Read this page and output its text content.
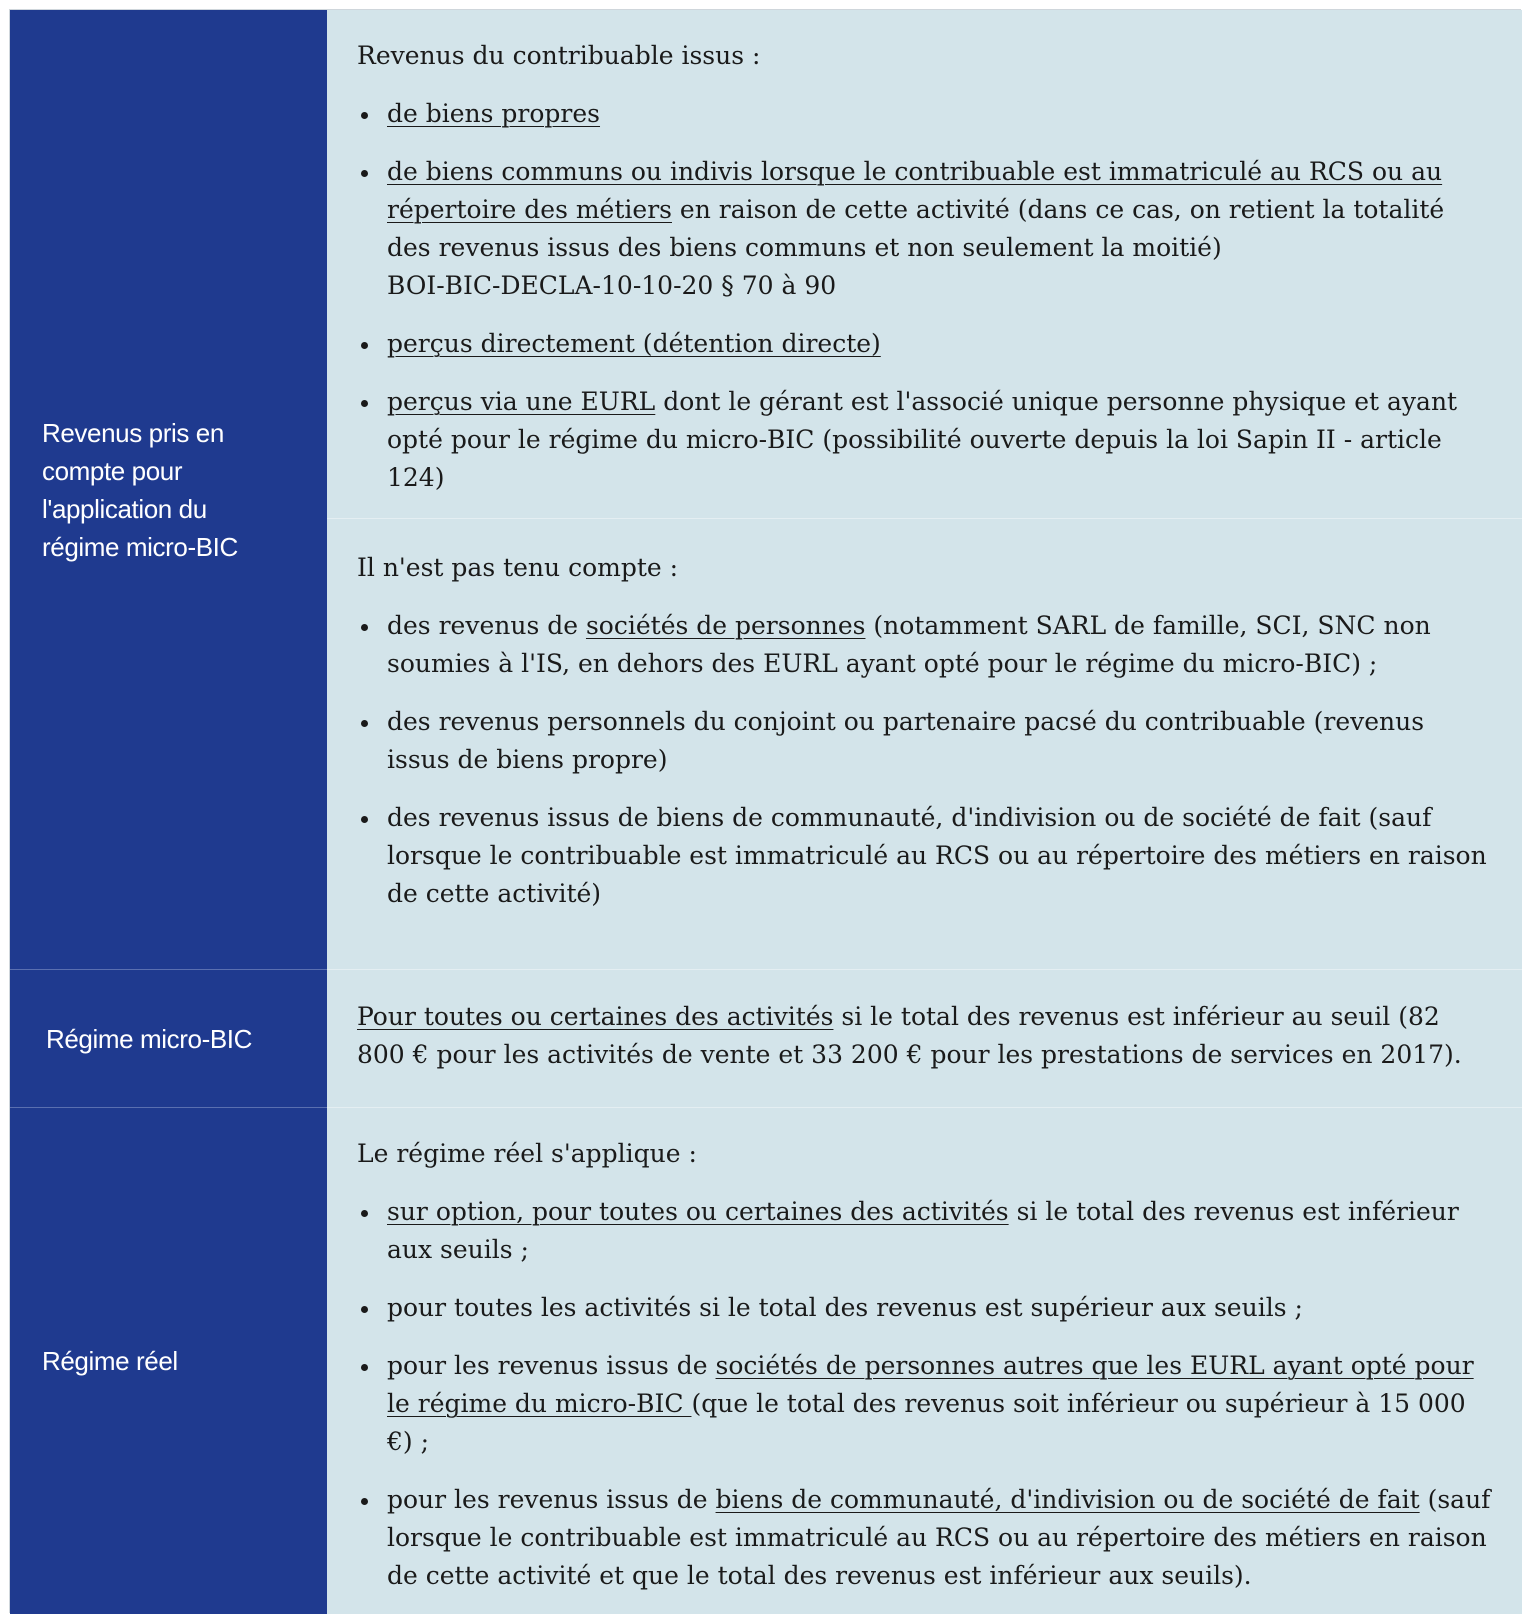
Revenus pris en compte pour l'application du régime micro-BIC

Revenus du contribuable issus :

de biens propres
de biens communs ou indivis lorsque le contribuable est immatriculé au RCS ou au répertoire des métiers en raison de cette activité (dans ce cas, on retient la totalité des revenus issus des biens communs et non seulement la moitié)
BOI-BIC-DECLA-10-10-20 § 70 à 90
perçus directement (détention directe)
perçus via une EURL dont le gérant est l'associé unique personne physique et ayant opté pour le régime du micro-BIC (possibilité ouverte depuis la loi Sapin II - article 124)

Il n'est pas tenu compte :

des revenus de sociétés de personnes (notamment SARL de famille, SCI, SNC non soumies à l'IS, en dehors des EURL ayant opté pour le régime du micro-BIC) ;
des revenus personnels du conjoint ou partenaire pacsé du contribuable (revenus issus de biens propre)
des revenus issus de biens de communauté, d'indivision ou de société de fait (sauf lorsque le contribuable est immatriculé au RCS ou au répertoire des métiers en raison de cette activité)
Régime micro-BIC

Pour toutes ou certaines des activités si le total des revenus est inférieur au seuil (82 800 € pour les activités de vente et 33 200 € pour les prestations de services en 2017).

Régime réel

Le régime réel s'applique :

sur option, pour toutes ou certaines des activités si le total des revenus est inférieur aux seuils ;
pour toutes les activités si le total des revenus est supérieur aux seuils ;
pour les revenus issus de sociétés de personnes autres que les EURL ayant opté pour le régime du micro-BIC (que le total des revenus soit inférieur ou supérieur à 15 000 €) ;
pour les revenus issus de biens de communauté, d'indivision ou de société de fait (sauf lorsque le contribuable est immatriculé au RCS ou au répertoire des métiers en raison de cette activité et que le total des revenus est inférieur aux seuils).
